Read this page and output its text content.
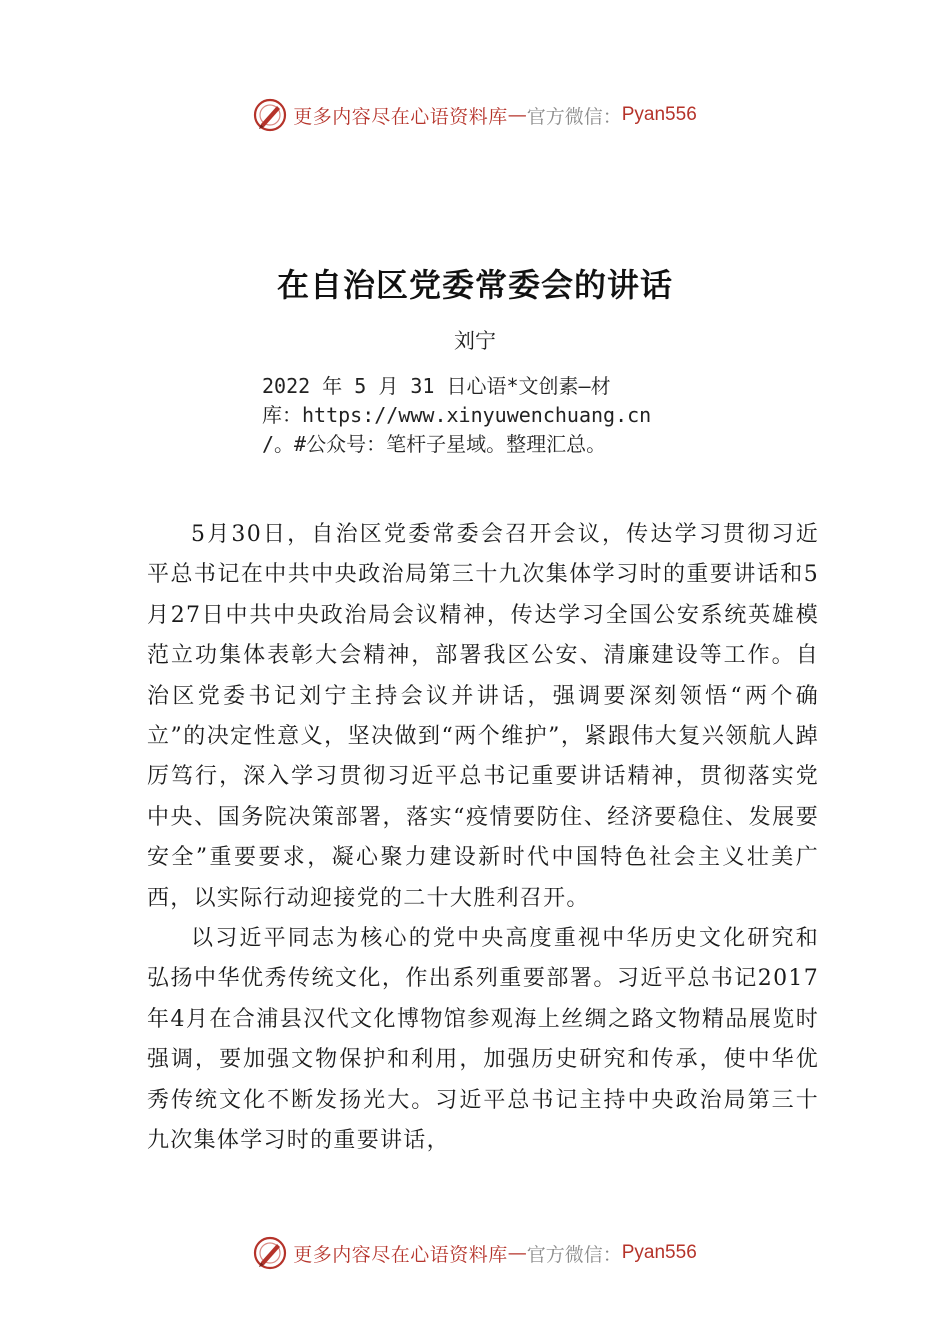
更多内容尽在心语资料库 — 官方微信： Pyan556
在自治区党委常委会的讲话
刘宁
2022 年 5 月 31 日心语*文创素—材
库：https://www.xinyuwenchuang.cn
/。#公众号：笔杆子星域。整理汇总。

5月30日，自治区党委常委会召开会议，传达学习贯彻习近平总书记在中共中央政治局第三十九次集体学习时的重要讲话和5月27日中共中央政治局会议精神，传达学习全国公安系统英雄模范立功集体表彰大会精神，部署我区公安、清廉建设等工作。自治区党委书记刘宁主持会议并讲话，强调要深刻领悟“两个确立”的决定性意义，坚决做到“两个维护”，紧跟伟大复兴领航人踔厉笃行，深入学习贯彻习近平总书记重要讲话精神，贯彻落实党中央、国务院决策部署，落实“疫情要防住、经济要稳住、发展要安全”重要要求，凝心聚力建设新时代中国特色社会主义壮美广西，以实际行动迎接党的二十大胜利召开。

以习近平同志为核心的党中央高度重视中华历史文化研究和弘扬中华优秀传统文化，作出系列重要部署。习近平总书记2017年4月在合浦县汉代文化博物馆参观海上丝绸之路文物精品展览时强调，要加强文物保护和利用，加强历史研究和传承，使中华优秀传统文化不断发扬光大。习近平总书记主持中央政治局第三十九次集体学习时的重要讲话，

更多内容尽在心语资料库 — 官方微信： Pyan556
